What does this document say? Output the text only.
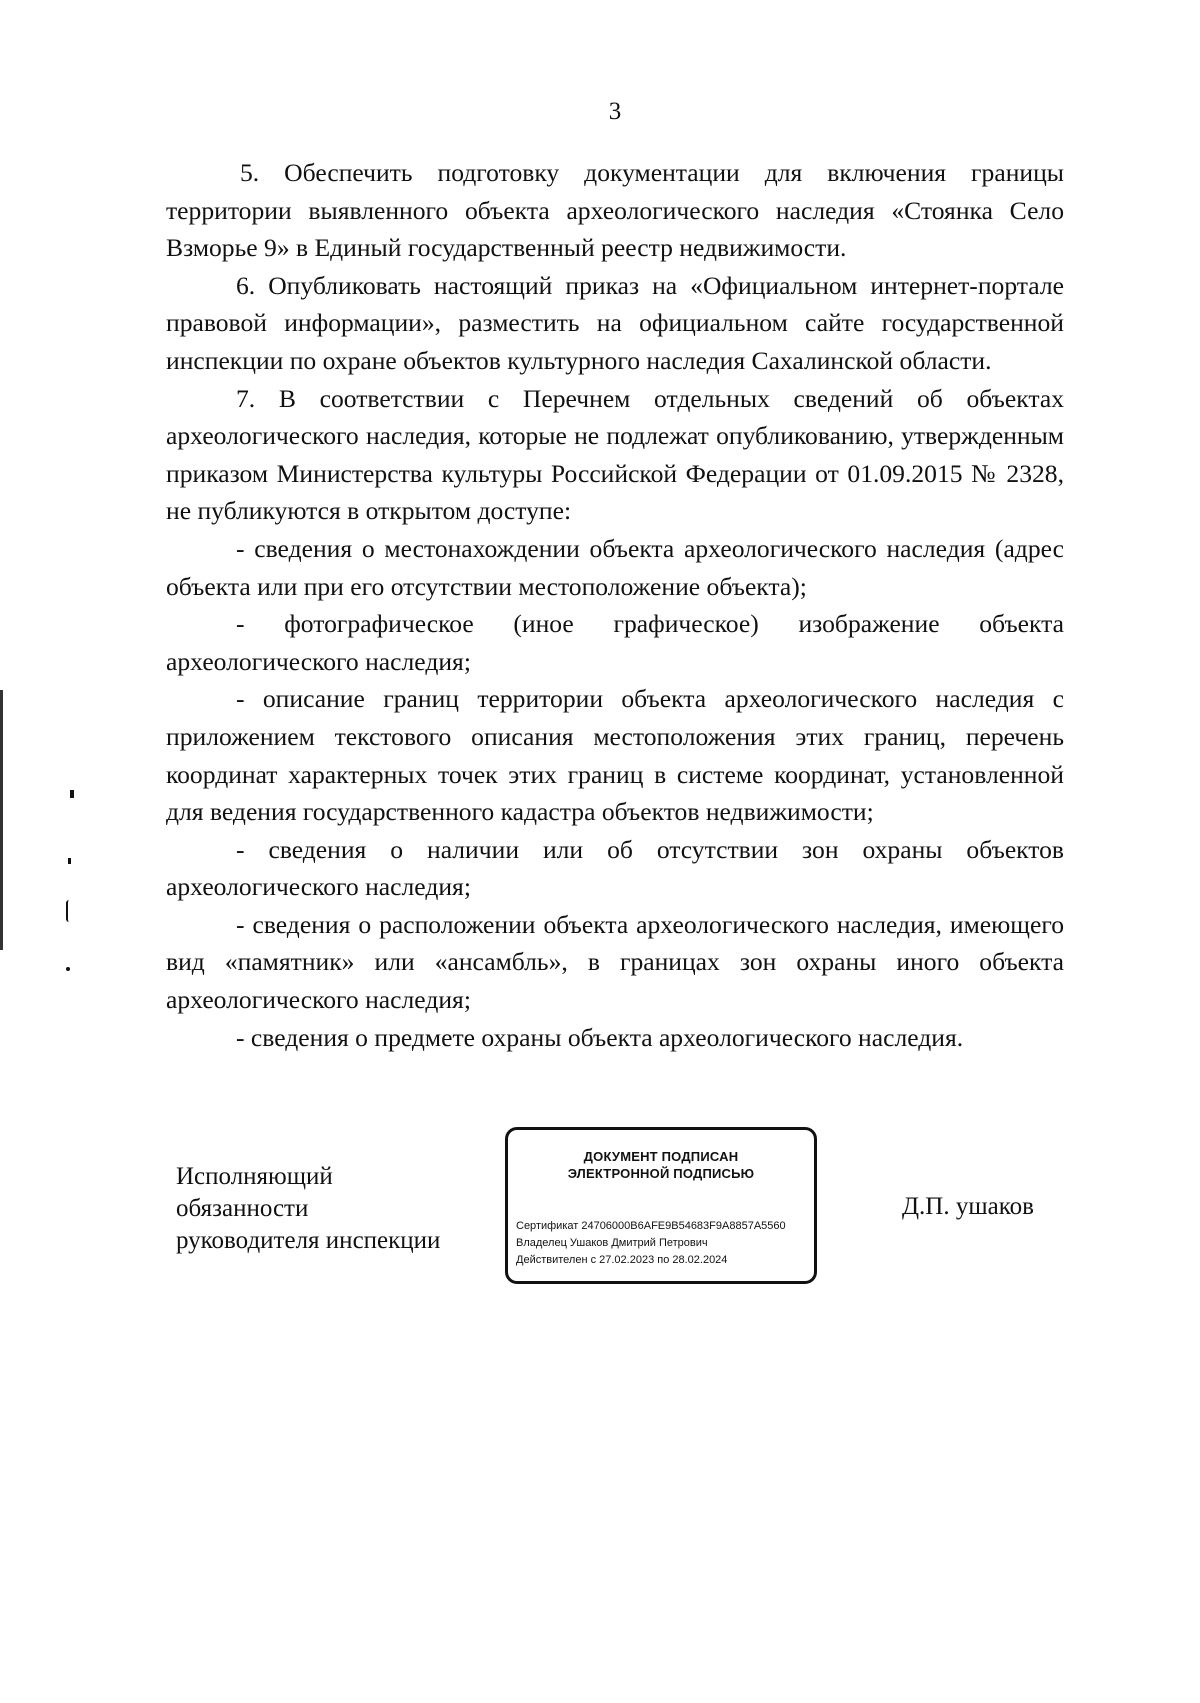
3

5. Обеспечить подготовку документации для включения границы территории выявленного объекта археологического наследия «Стоянка Село Взморье 9» в Единый государственный реестр недвижимости.

6. Опубликовать настоящий приказ на «Официальном интернет-портале правовой информации», разместить на официальном сайте государственной инспекции по охране объектов культурного наследия Сахалинской области.

7. В соответствии с Перечнем отдельных сведений об объектах археологического наследия, которые не подлежат опубликованию, утвержденным приказом Министерства культуры Российской Федерации от 01.09.2015 № 2328, не публикуются в открытом доступе:

- сведения о местонахождении объекта археологического наследия (адрес объекта или при его отсутствии местоположение объекта);

- фотографическое (иное графическое) изображение объекта археологического наследия;

- описание границ территории объекта археологического наследия с приложением текстового описания местоположения этих границ, перечень координат характерных точек этих границ в системе координат, установленной для ведения государственного кадастра объектов недвижимости;

- сведения о наличии или об отсутствии зон охраны объектов археологического наследия;

- сведения о расположении объекта археологического наследия, имеющего вид «памятник» или «ансамбль», в границах зон охраны иного объекта археологического наследия;

- сведения о предмете охраны объекта археологического наследия.

Исполняющий
обязанности
руководителя инспекции
ДОКУМЕНТ ПОДПИСАН
ЭЛЕКТРОННОЙ ПОДПИСЬЮ
Сертификат 24706000B6AFE9B54683F9A8857A5560
Владелец Ушаков Дмитрий Петрович
Действителен с 27.02.2023 по 28.02.2024
Д.П. ушаков
